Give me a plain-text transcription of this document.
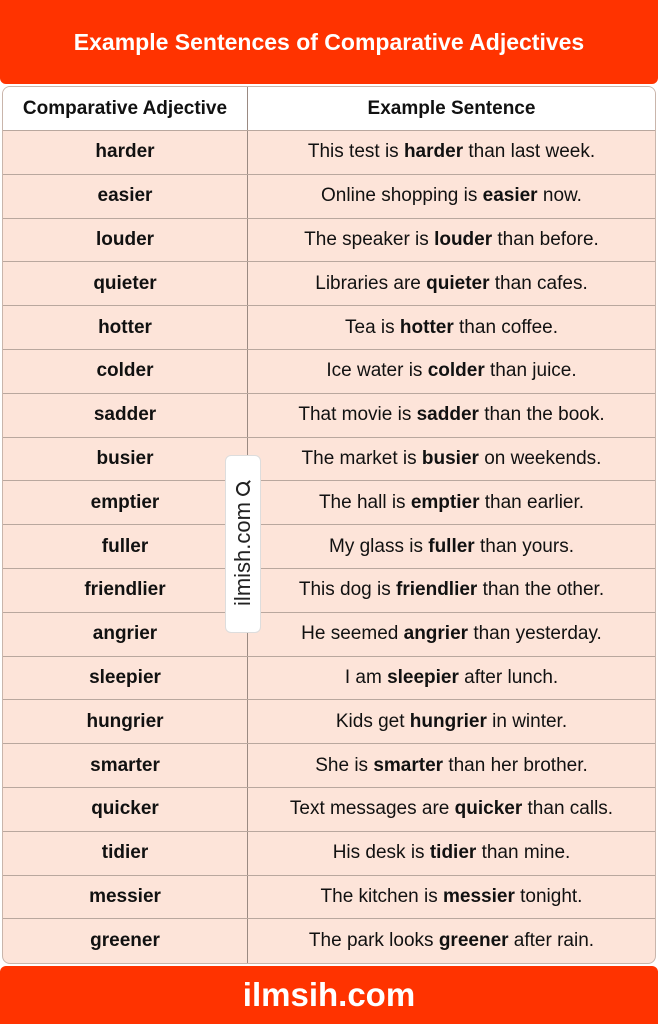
Example Sentences of Comparative Adjectives
Comparative Adjective	Example Sentence
harder	This test is harder than last week.
easier	Online shopping is easier now.
louder	The speaker is louder than before.
quieter	Libraries are quieter than cafes.
hotter	Tea is hotter than coffee.
colder	Ice water is colder than juice.
sadder	That movie is sadder than the book.
busier	The market is busier on weekends.
emptier	The hall is emptier than earlier.
fuller	My glass is fuller than yours.
friendlier	This dog is friendlier than the other.
angrier	He seemed angrier than yesterday.
sleepier	I am sleepier after lunch.
hungrier	Kids get hungrier in winter.
smarter	She is smarter than her brother.
quicker	Text messages are quicker than calls.
tidier	His desk is tidier than mine.
messier	The kitchen is messier tonight.
greener	The park looks greener after rain.
ilmish.com
ilmsih.com
